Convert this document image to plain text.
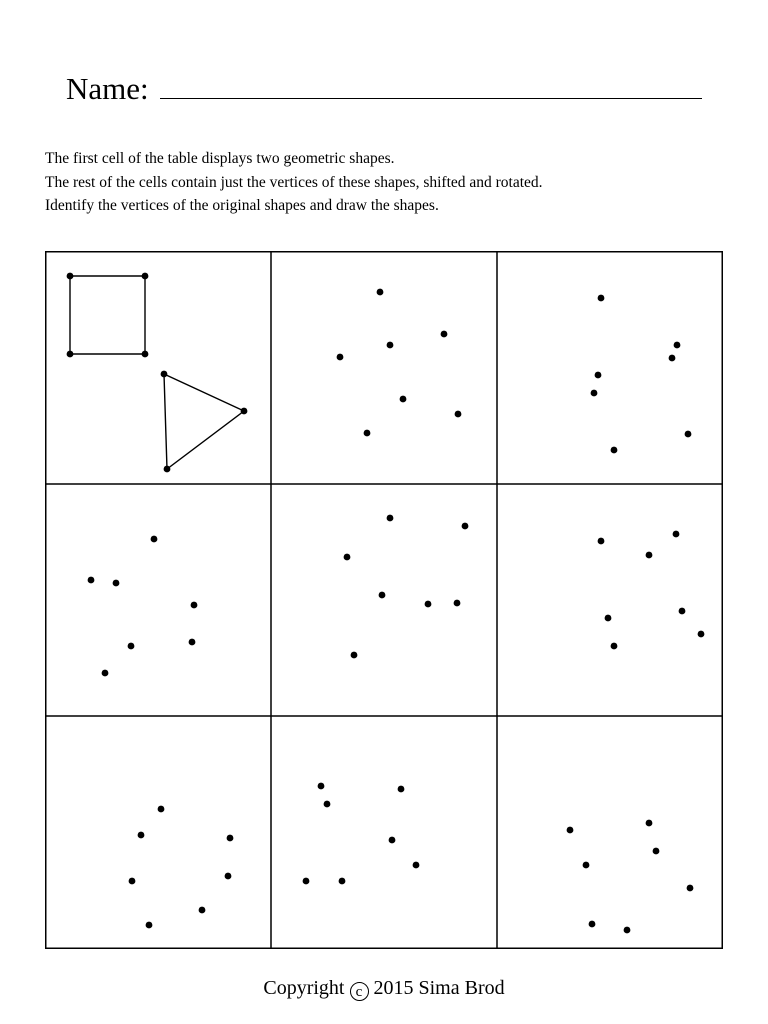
Name:
The first cell of the table displays two geometric shapes.
The rest of the cells contain just the vertices of these shapes, shifted and rotated.
Identify the vertices of the original shapes and draw the shapes.
Copyright c 2015 Sima Brod
